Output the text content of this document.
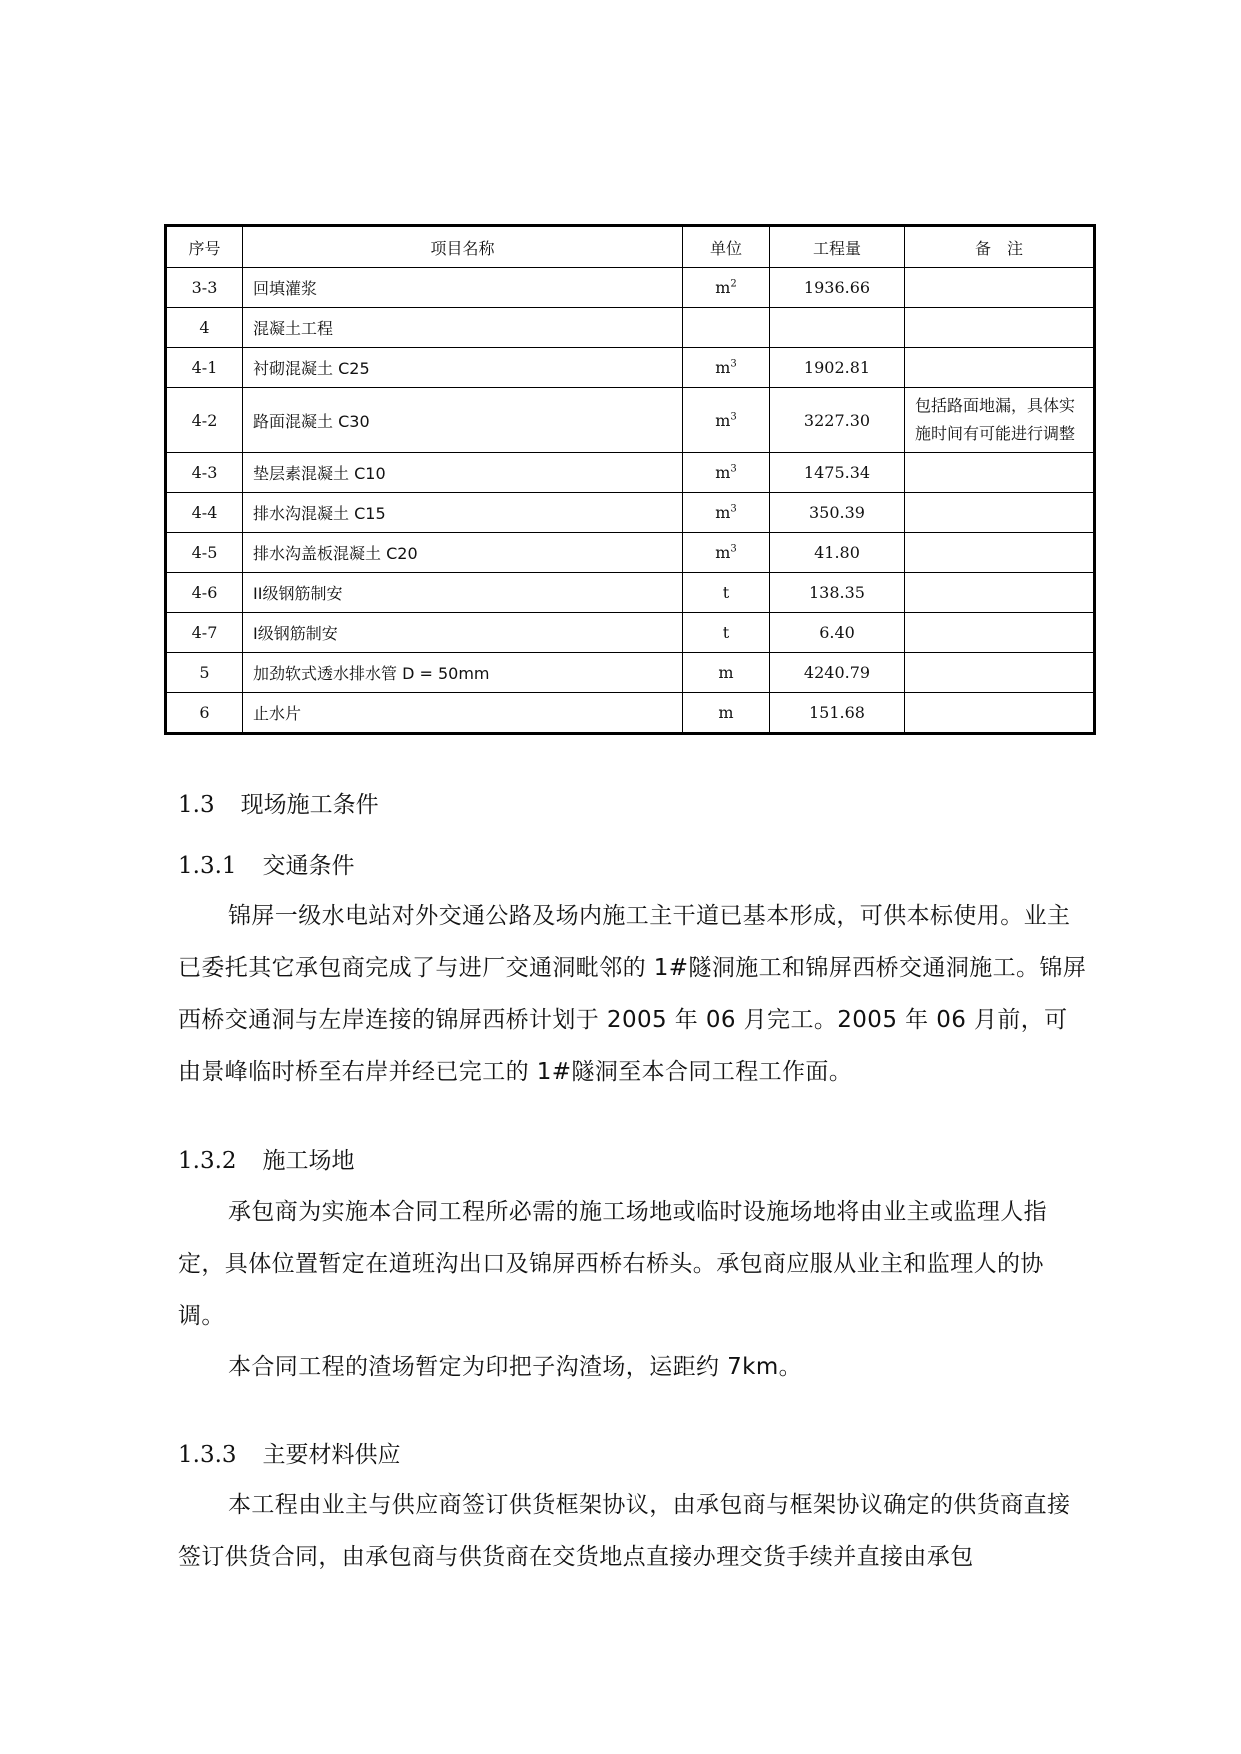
序号	项目名称	单位	工程量	备　注
3-3	回填灌浆	$m^2$	1936.66	
4	混凝土工程			
4-1	衬砌混凝土 C25	$m^3$	1902.81	
4-2	路面混凝土 C30	$m^3$	3227.30	包括路面地漏，具体实施时间有可能进行调整
4-3	垫层素混凝土 C10	$m^3$	1475.34	
4-4	排水沟混凝土 C15	$m^3$	350.39	
4-5	排水沟盖板混凝土 C20	$m^3$	41.80	
4-6	II级钢筋制安	t	138.35	
4-7	I级钢筋制安	t	6.40	
5	加劲软式透水排水管 D = 50mm	m	4240.79	
6	止水片	m	151.68	
1.3 现场施工条件
1.3.1 交通条件
锦屏一级水电站对外交通公路及场内施工主干道已基本形成，可供本标使用。业主已委托其它承包商完成了与进厂交通洞毗邻的 1#隧洞施工和锦屏西桥交通洞施工。锦屏西桥交通洞与左岸连接的锦屏西桥计划于 2005 年 06 月完工。2005 年 06 月前，可由景峰临时桥至右岸并经已完工的 1#隧洞至本合同工程工作面。
1.3.2 施工场地
承包商为实施本合同工程所必需的施工场地或临时设施场地将由业主或监理人指定，具体位置暂定在道班沟出口及锦屏西桥右桥头。承包商应服从业主和监理人的协调。
本合同工程的渣场暂定为印把子沟渣场，运距约 7km。
1.3.3 主要材料供应
本工程由业主与供应商签订供货框架协议，由承包商与框架协议确定的供货商直接签订供货合同，由承包商与供货商在交货地点直接办理交货手续并直接由承包
